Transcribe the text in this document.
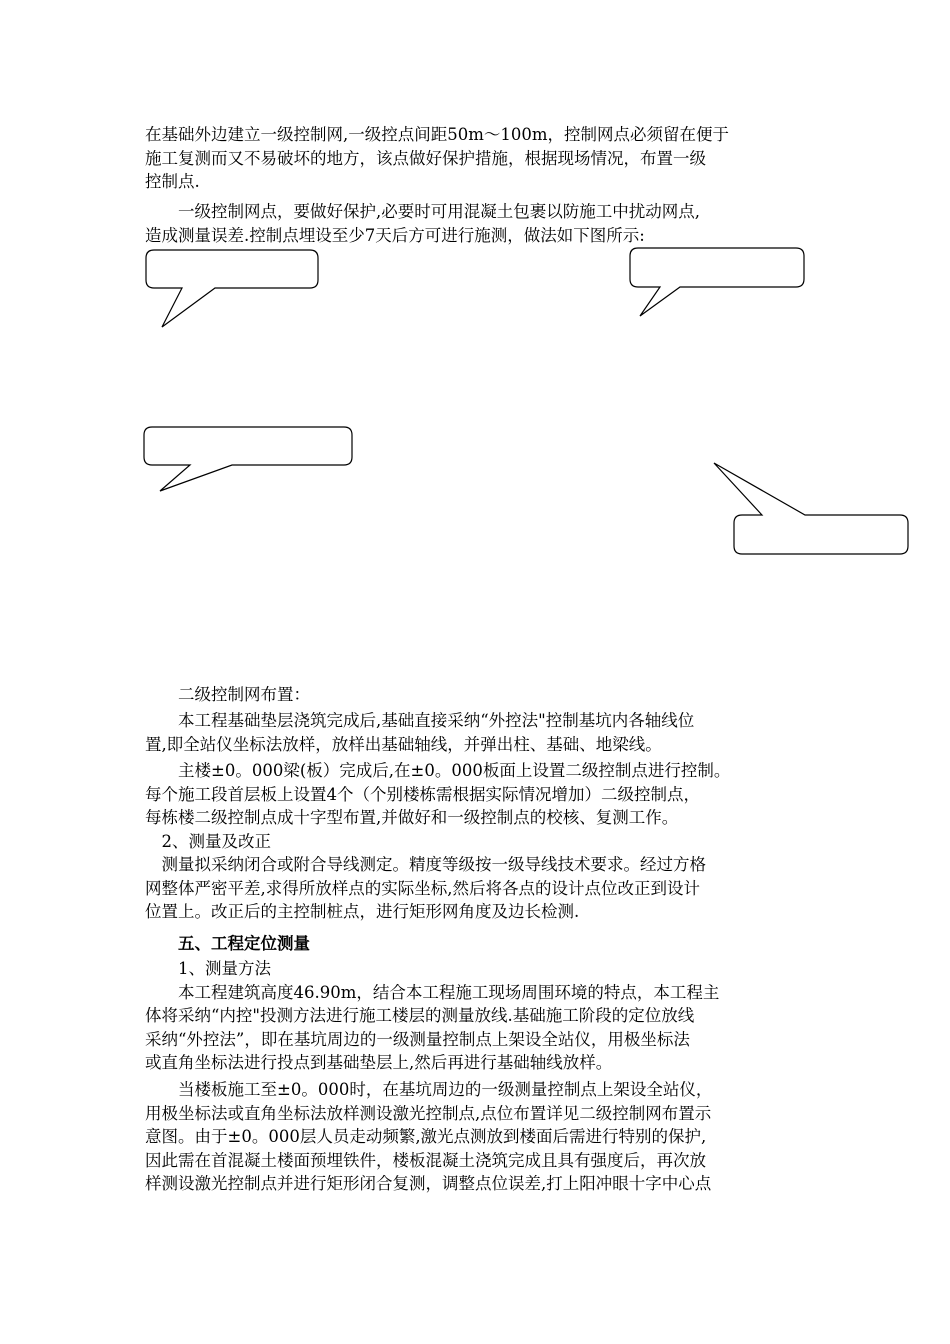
在基础外边建立一级控制网,一级控点间距50m～100m，控制网点必须留在便于
施工复测而又不易破坏的地方，该点做好保护措施，根据现场情况，布置一级
控制点.
　　一级控制网点，要做好保护,必要时可用混凝土包裹以防施工中扰动网点,
造成测量误差.控制点埋设至少7天后方可进行施测，做法如下图所示:
　　二级控制网布置：
　　本工程基础垫层浇筑完成后,基础直接采纳“外控法"控制基坑内各轴线位
置,即全站仪坐标法放样，放样出基础轴线，并弹出柱、基础、地梁线。
　　主楼±0。000梁(板）完成后,在±0。000板面上设置二级控制点进行控制。
每个施工段首层板上设置4个（个别楼栋需根据实际情况增加）二级控制点，
每栋楼二级控制点成十字型布置,并做好和一级控制点的校核、复测工作。
　2、测量及改正
　测量拟采纳闭合或附合导线测定。精度等级按一级导线技术要求。经过方格
网整体严密平差,求得所放样点的实际坐标,然后将各点的设计点位改正到设计
位置上。改正后的主控制桩点，进行矩形网角度及边长检测.
　　五、工程定位测量
　　1、测量方法
　　本工程建筑高度46.90m，结合本工程施工现场周围环境的特点，本工程主
体将采纳“内控"投测方法进行施工楼层的测量放线.基础施工阶段的定位放线
采纳“外控法”，即在基坑周边的一级测量控制点上架设全站仪，用极坐标法
或直角坐标法进行投点到基础垫层上,然后再进行基础轴线放样。
　　当楼板施工至±0。000时，在基坑周边的一级测量控制点上架设全站仪，
用极坐标法或直角坐标法放样测设激光控制点,点位布置详见二级控制网布置示
意图。由于±0。000层人员走动频繁,激光点测放到楼面后需进行特别的保护,
因此需在首混凝土楼面预埋铁件，楼板混凝土浇筑完成且具有强度后，再次放
样测设激光控制点并进行矩形闭合复测，调整点位误差,打上阳冲眼十字中心点
